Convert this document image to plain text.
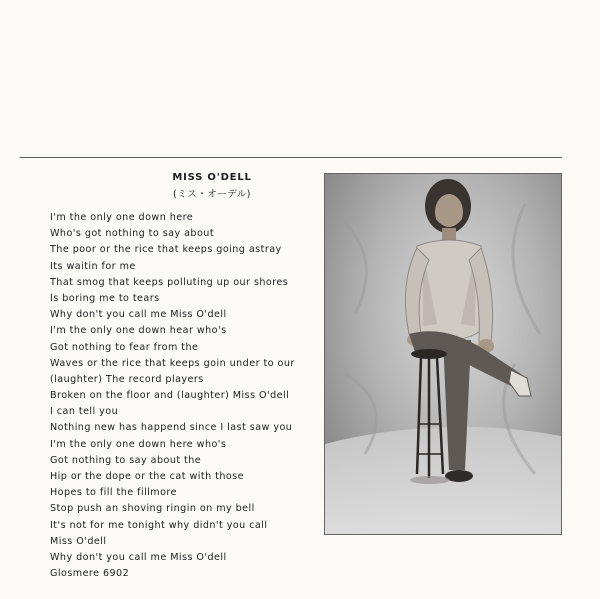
MISS O'DELL

(ミス・オーデル)

I'm the only one down here
Who's got nothing to say about
The poor or the rice that keeps going astray
Its waitin for me
That smog that keeps polluting up our shores
Is boring me to tears
Why don't you call me Miss O'dell
I'm the only one down hear who's
Got nothing to fear from the
Waves or the rice that keeps goin under to our
(laughter) The record players
Broken on the floor and (laughter) Miss O'dell
I can tell you
Nothing new has happend since I last saw you
I'm the only one down here who's
Got nothing to say about the
Hip or the dope or the cat with those
Hopes to fill the fillmore
Stop push an shoving ringin on my bell
It's not for me tonight why didn't you call
Miss O'dell
Why don't you call me Miss O'dell
Glosmere 6902
